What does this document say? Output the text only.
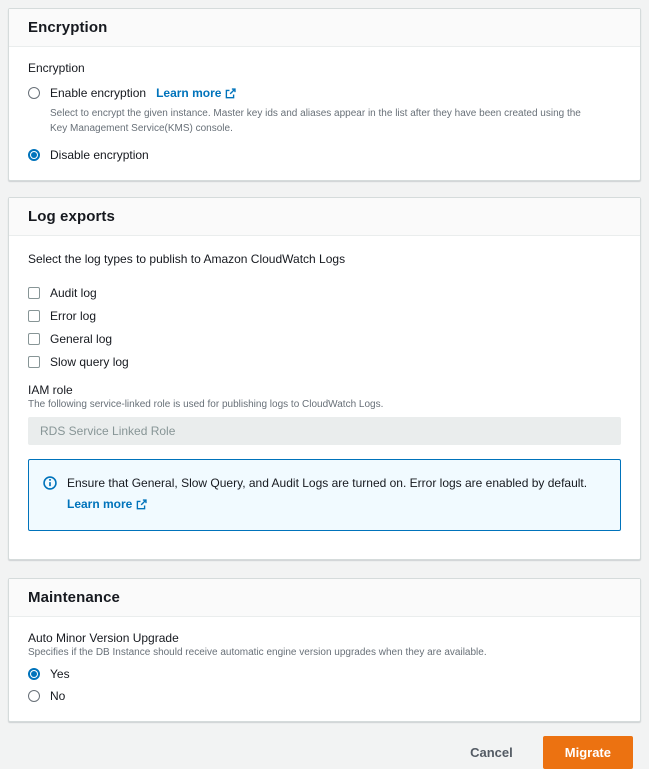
Encryption
Encryption
Enable encryption Learn more

Select to encrypt the given instance. Master key ids and aliases appear in the list after they have been created using the Key Management Service(KMS) console.

Disable encryption
Log exports
Select the log types to publish to Amazon CloudWatch Logs
Audit log
Error log
General log
Slow query log
IAM role
The following service-linked role is used for publishing logs to CloudWatch Logs.
RDS Service Linked Role
Ensure that General, Slow Query, and Audit Logs are turned on. Error logs are enabled by default.
Learn more
Maintenance
Auto Minor Version Upgrade
Specifies if the DB Instance should receive automatic engine version upgrades when they are available.
Yes
No
Cancel	Migrate
